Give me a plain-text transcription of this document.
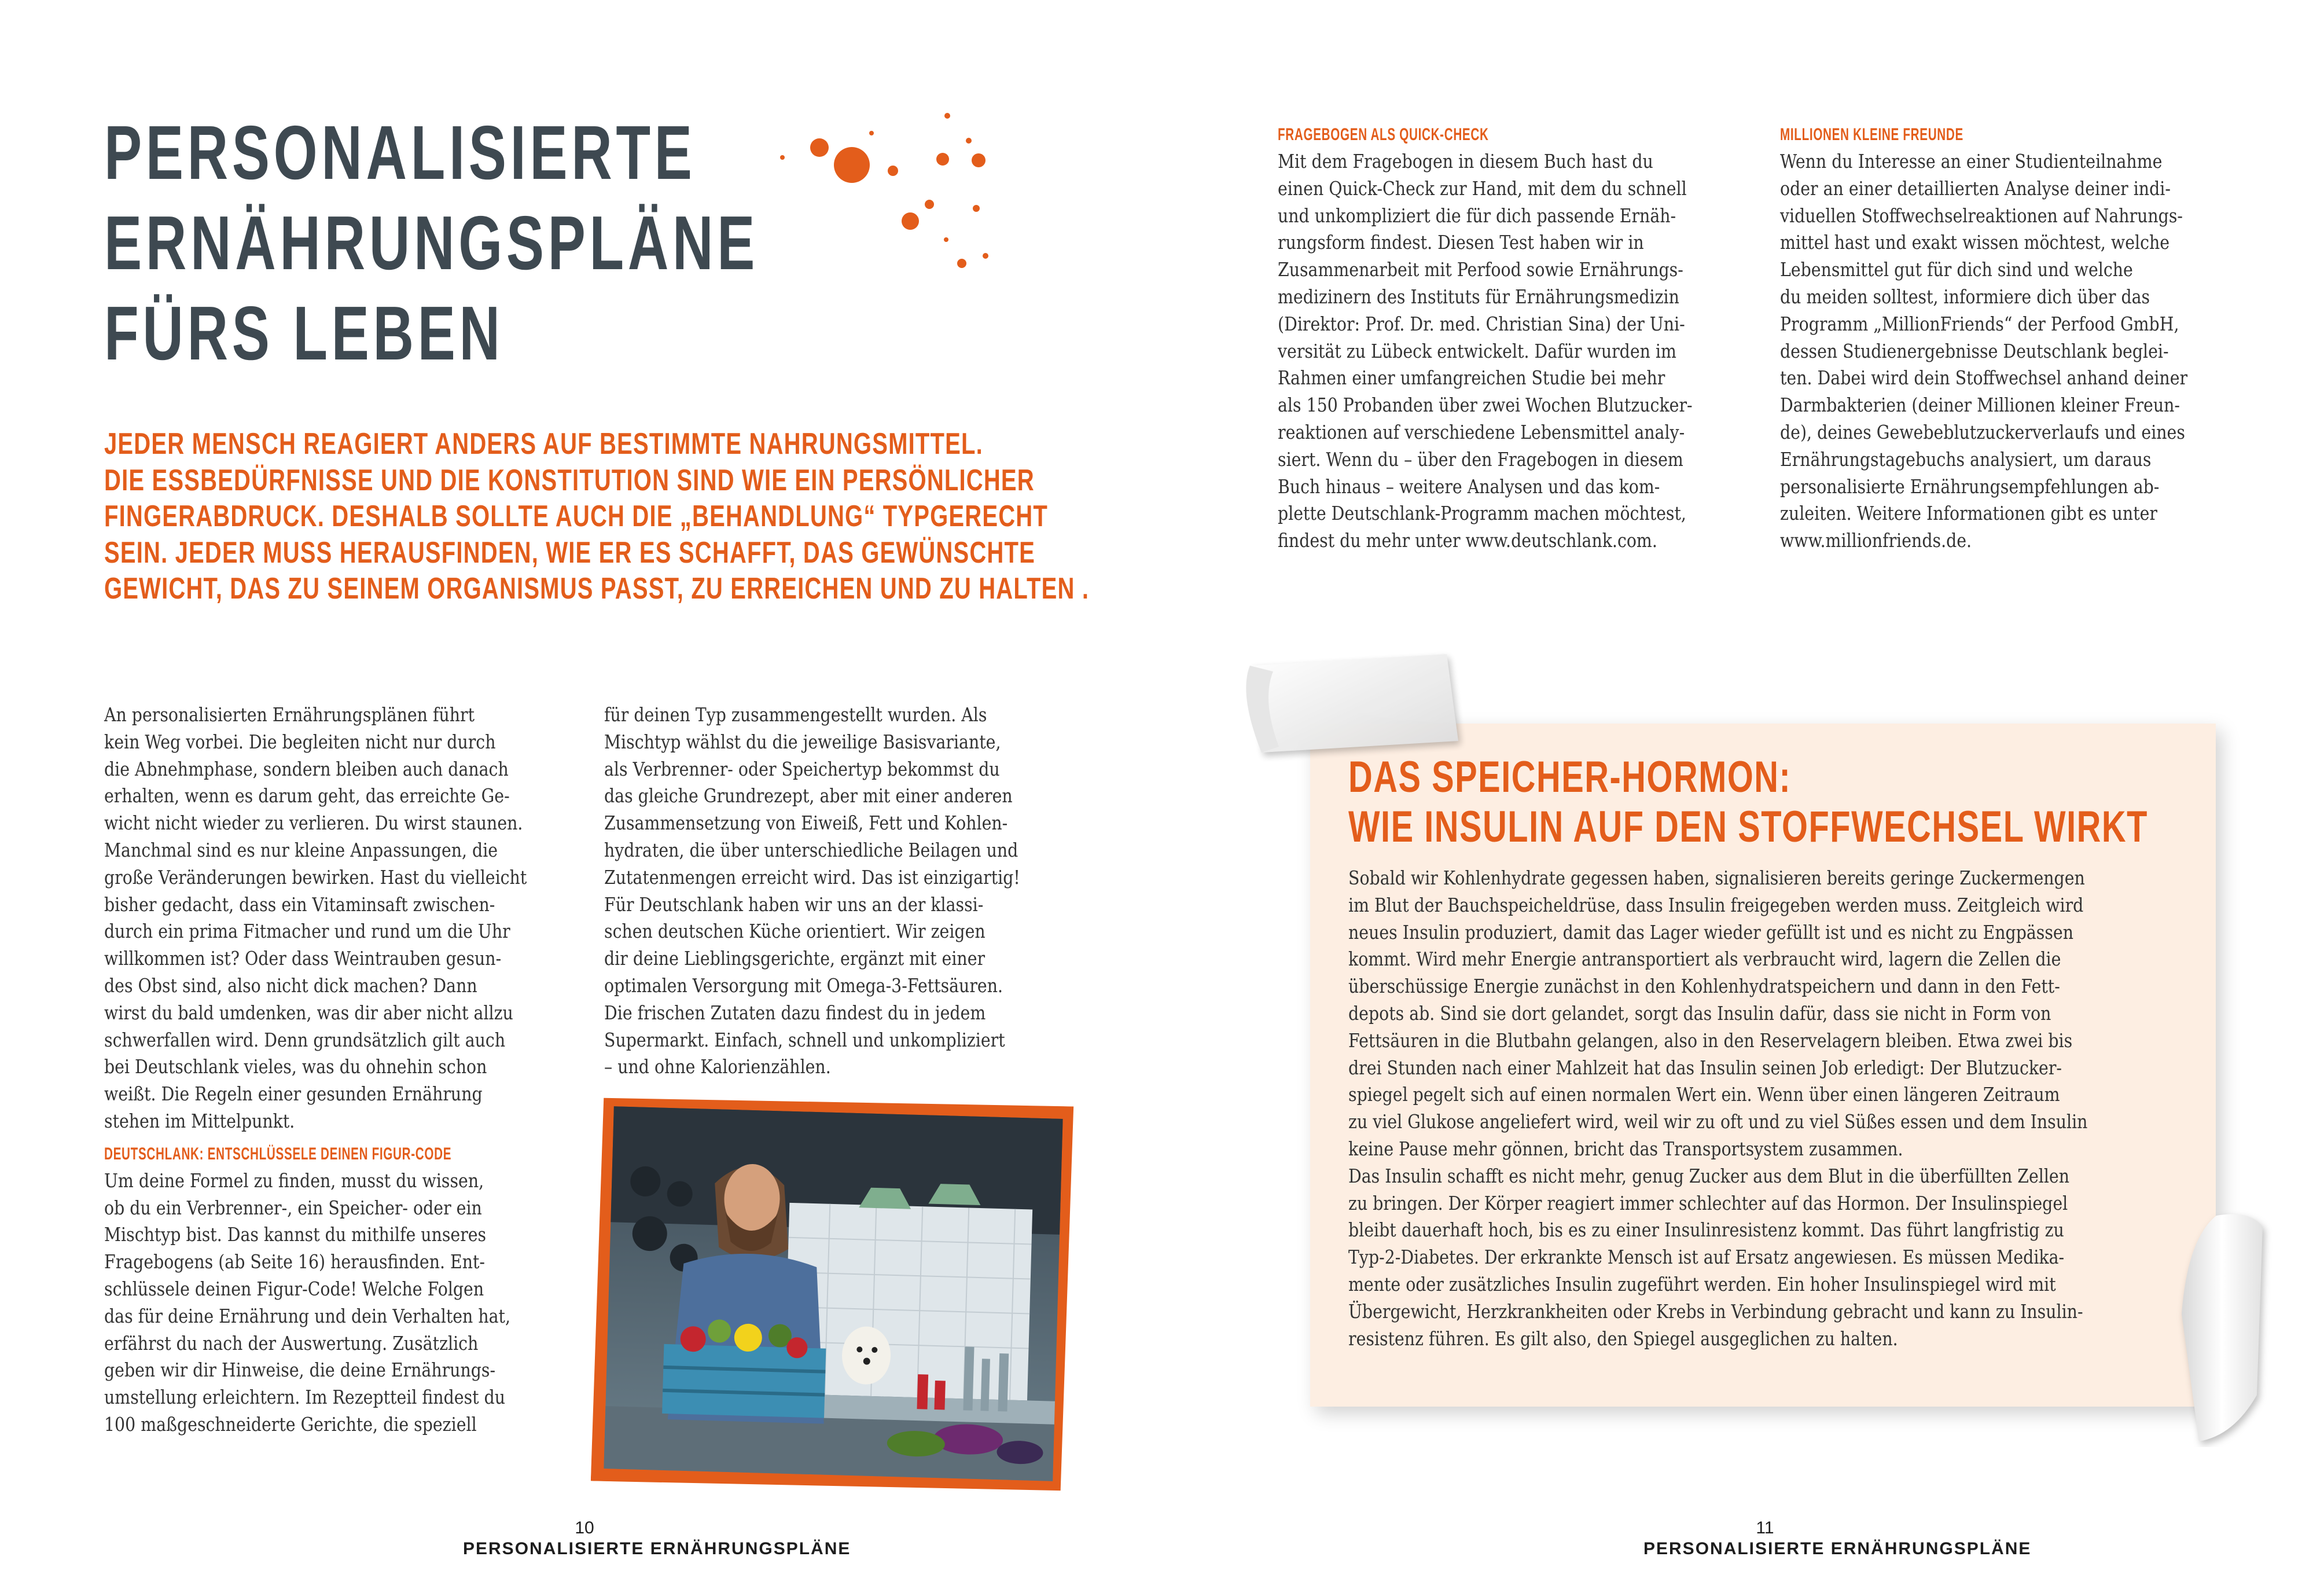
PERSONALISIERTE
ERNÄHRUNGSPLÄNE
FÜRS LEBEN
JEDER MENSCH REAGIERT ANDERS AUF BESTIMMTE NAHRUNGSMITTEL.
DIE ESSBEDÜRFNISSE UND DIE KONSTITUTION SIND WIE EIN PERSÖNLICHER
FINGERABDRUCK. DESHALB SOLLTE AUCH DIE „BEHANDLUNG“ TYPGERECHT
SEIN. JEDER MUSS HERAUSFINDEN, WIE ER ES SCHAFFT, DAS GEWÜNSCHTE
GEWICHT, DAS ZU SEINEM ORGANISMUS PASST, ZU ERREICHEN UND ZU HALTEN .
An personalisierten Ernährungsplänen führt
kein Weg vorbei. Die begleiten nicht nur durch
die Abnehmphase, sondern bleiben auch danach
erhalten, wenn es darum geht, das erreichte Ge-
wicht nicht wieder zu verlieren. Du wirst staunen.
Manchmal sind es nur kleine Anpassungen, die
große Veränderungen bewirken. Hast du vielleicht
bisher gedacht, dass ein Vitaminsaft zwischen-
durch ein prima Fitmacher und rund um die Uhr
willkommen ist? Oder dass Weintrauben gesun-
des Obst sind, also nicht dick machen? Dann
wirst du bald umdenken, was dir aber nicht allzu
schwerfallen wird. Denn grundsätzlich gilt auch
bei Deutschlank vieles, was du ohnehin schon
weißt. Die Regeln einer gesunden Ernährung
stehen im Mittelpunkt.
DEUTSCHLANK: ENTSCHLÜSSELE DEINEN FIGUR-CODE
Um deine Formel zu finden, musst du wissen,
ob du ein Verbrenner-, ein Speicher- oder ein
Mischtyp bist. Das kannst du mithilfe unseres
Fragebogens (ab Seite 16) herausfinden. Ent-
schlüssele deinen Figur-Code! Welche Folgen
das für deine Ernährung und dein Verhalten hat,
erfährst du nach der Auswertung. Zusätzlich
geben wir dir Hinweise, die deine Ernährungs-
umstellung erleichtern. Im Rezeptteil findest du
100 maßgeschneiderte Gerichte, die speziell
für deinen Typ zusammengestellt wurden. Als
Mischtyp wählst du die jeweilige Basisvariante,
als Verbrenner- oder Speichertyp bekommst du
das gleiche Grundrezept, aber mit einer anderen
Zusammensetzung von Eiweiß, Fett und Kohlen-
hydraten, die über unterschiedliche Beilagen und
Zutatenmengen erreicht wird. Das ist einzigartig!
Für Deutschlank haben wir uns an der klassi-
schen deutschen Küche orientiert. Wir zeigen
dir deine Lieblingsgerichte, ergänzt mit einer
optimalen Versorgung mit Omega-3-Fettsäuren.
Die frischen Zutaten dazu findest du in jedem
Supermarkt. Einfach, schnell und unkompliziert
– und ohne Kalorienzählen.
10
PERSONALISIERTE ERNÄHRUNGSPLÄNE
FRAGEBOGEN ALS QUICK-CHECK
Mit dem Fragebogen in diesem Buch hast du
einen Quick-Check zur Hand, mit dem du schnell
und unkompliziert die für dich passende Ernäh-
rungsform findest. Diesen Test haben wir in
Zusammenarbeit mit Perfood sowie Ernährungs-
medizinern des Instituts für Ernährungsmedizin
(Direktor: Prof. Dr. med. Christian Sina) der Uni-
versität zu Lübeck entwickelt. Dafür wurden im
Rahmen einer umfangreichen Studie bei mehr
als 150 Probanden über zwei Wochen Blutzucker-
reaktionen auf verschiedene Lebensmittel analy-
siert. Wenn du – über den Fragebogen in diesem
Buch hinaus – weitere Analysen und das kom-
plette Deutschlank-Programm machen möchtest,
findest du mehr unter www.deutschlank.com.
MILLIONEN KLEINE FREUNDE
Wenn du Interesse an einer Studienteilnahme
oder an einer detaillierten Analyse deiner indi-
viduellen Stoffwechselreaktionen auf Nahrungs-
mittel hast und exakt wissen möchtest, welche
Lebensmittel gut für dich sind und welche
du meiden solltest, informiere dich über das
Programm „MillionFriends“ der Perfood GmbH,
dessen Studienergebnisse Deutschlank beglei-
ten. Dabei wird dein Stoffwechsel anhand deiner
Darmbakterien (deiner Millionen kleiner Freun-
de), deines Gewebeblutzuckerverlaufs und eines
Ernährungstagebuchs analysiert, um daraus
personalisierte Ernährungsempfehlungen ab-
zuleiten. Weitere Informationen gibt es unter
www.millionfriends.de.
DAS SPEICHER-HORMON:
WIE INSULIN AUF DEN STOFFWECHSEL WIRKT
Sobald wir Kohlenhydrate gegessen haben, signalisieren bereits geringe Zuckermengen
im Blut der Bauchspeicheldrüse, dass Insulin freigegeben werden muss. Zeitgleich wird
neues Insulin produziert, damit das Lager wieder gefüllt ist und es nicht zu Engpässen
kommt. Wird mehr Energie antransportiert als verbraucht wird, lagern die Zellen die
überschüssige Energie zunächst in den Kohlenhydratspeichern und dann in den Fett-
depots ab. Sind sie dort gelandet, sorgt das Insulin dafür, dass sie nicht in Form von
Fettsäuren in die Blutbahn gelangen, also in den Reservelagern bleiben. Etwa zwei bis
drei Stunden nach einer Mahlzeit hat das Insulin seinen Job erledigt: Der Blutzucker-
spiegel pegelt sich auf einen normalen Wert ein. Wenn über einen längeren Zeitraum
zu viel Glukose angeliefert wird, weil wir zu oft und zu viel Süßes essen und dem Insulin
keine Pause mehr gönnen, bricht das Transportsystem zusammen.
Das Insulin schafft es nicht mehr, genug Zucker aus dem Blut in die überfüllten Zellen
zu bringen. Der Körper reagiert immer schlechter auf das Hormon. Der Insulinspiegel
bleibt dauerhaft hoch, bis es zu einer Insulinresistenz kommt. Das führt langfristig zu
Typ-2-Diabetes. Der erkrankte Mensch ist auf Ersatz angewiesen. Es müssen Medika-
mente oder zusätzliches Insulin zugeführt werden. Ein hoher Insulinspiegel wird mit
Übergewicht, Herzkrankheiten oder Krebs in Verbindung gebracht und kann zu Insulin-
resistenz führen. Es gilt also, den Spiegel ausgeglichen zu halten.
11
PERSONALISIERTE ERNÄHRUNGSPLÄNE
